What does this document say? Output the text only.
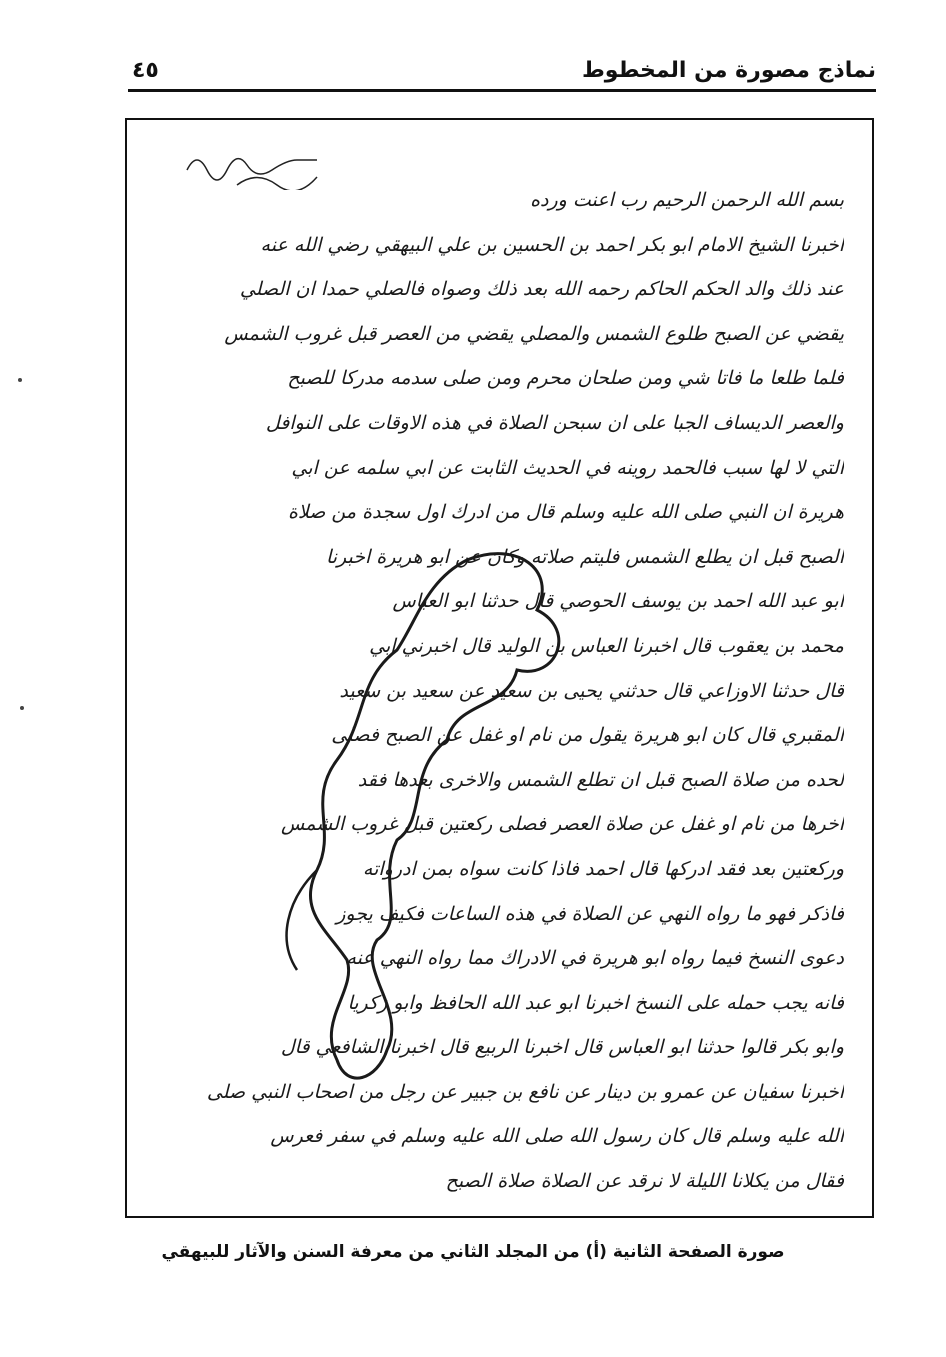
نماذج مصورة من المخطوط
٤٥
بسم الله الرحمن الرحيم رب اعنت ورده
اخبرنا الشيخ الامام ابو بكر احمد بن الحسين بن علي البيهقي رضي الله عنه
عند ذلك والد الحكم الحاكم رحمه الله بعد ذلك وصواه فالصلي حمدا ان الصلي
يقضي عن الصبح طلوع الشمس والمصلي يقضي من العصر قبل غروب الشمس
فلما طلعا ما فاتا شي ومن صلحان محرم ومن صلى سدمه مدركا للصبح
والعصر الديساف الجبا على ان سبحن الصلاة في هذه الاوقات على النوافل
التي لا لها سبب فالحمد روينه في الحديث الثابت عن ابي سلمه عن ابي
هريرة ان النبي صلى الله عليه وسلم قال من ادرك اول سجدة من صلاة
الصبح قبل ان يطلع الشمس فليتم صلاته وكان عن ابو هريرة اخبرنا
ابو عبد الله احمد بن يوسف الحوصي قال حدثنا ابو العباس
محمد بن يعقوب قال اخبرنا العباس بن الوليد قال اخبرني ابي
قال حدثنا الاوزاعي قال حدثني يحيى بن سعيد عن سعيد بن سعيد
المقبري قال كان ابو هريرة يقول من نام او غفل عن الصبح فصلى
لحده من صلاة الصبح قبل ان تطلع الشمس والاخرى بعدها فقد
اخرها من نام او غفل عن صلاة العصر فصلى ركعتين قبل غروب الشمس
وركعتين بعد فقد ادركها قال احمد فاذا كانت سواه بمن ادرواته
فاذكر فهو ما رواه النهي عن الصلاة في هذه الساعات فكيف يجوز
دعوى النسخ فيما رواه ابو هريرة في الادراك مما رواه النهي عنه
فانه يجب حمله على النسخ اخبرنا ابو عبد الله الحافظ وابو زكريا
وابو بكر قالوا حدثنا ابو العباس قال اخبرنا الربيع قال اخبرنا الشافعي قال
اخبرنا سفيان عن عمرو بن دينار عن نافع بن جبير عن رجل من اصحاب النبي صلى
الله عليه وسلم قال كان رسول الله صلى الله عليه وسلم في سفر فعرس
فقال من يكلانا الليلة لا نرقد عن الصلاة صلاة الصبح
صورة الصفحة الثانية (أ) من المجلد الثاني من معرفة السنن والآثار للبيهقي
